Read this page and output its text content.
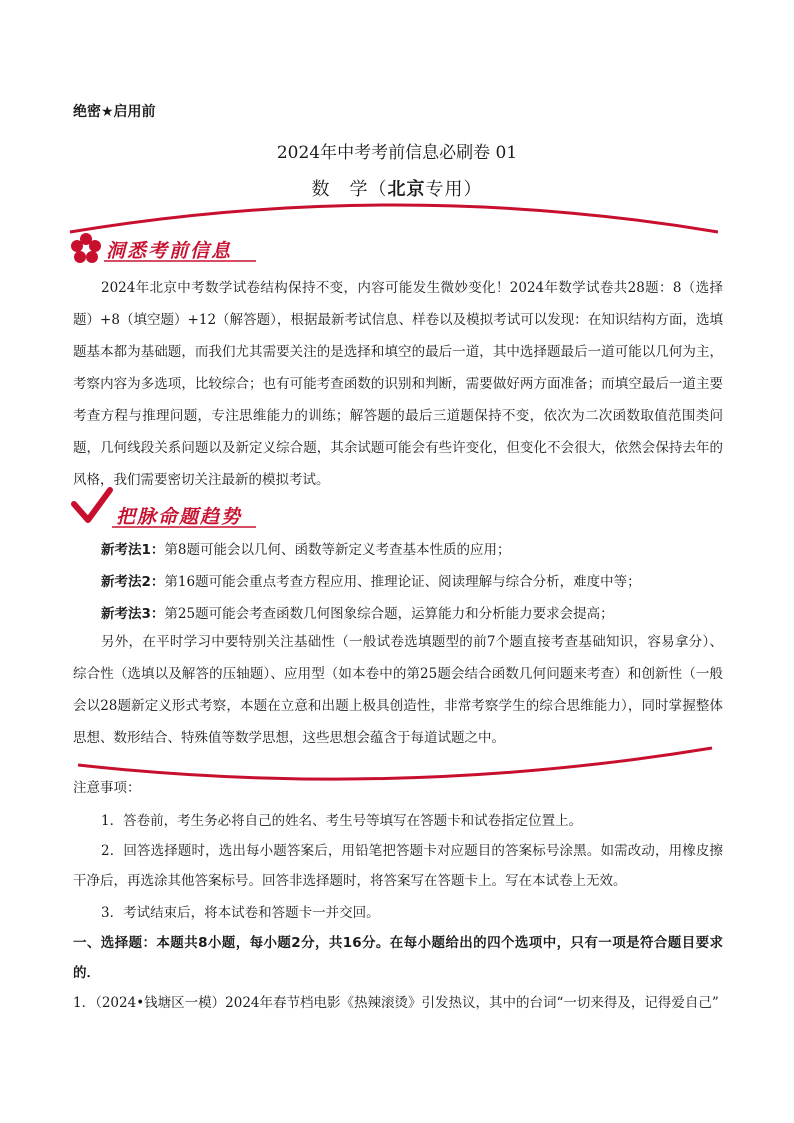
绝密★启用前
2024年中考考前信息必刷卷 01
数　学（北京专用）
洞悉考前信息
2024年北京中考数学试卷结构保持不变，内容可能发生微妙变化！2024年数学试卷共28题：8（选择题）+8（填空题）+12（解答题），根据最新考试信息、样卷以及模拟考试可以发现：在知识结构方面，选填题基本都为基础题，而我们尤其需要关注的是选择和填空的最后一道，其中选择题最后一道可能以几何为主，考察内容为多选项，比较综合；也有可能考查函数的识别和判断，需要做好两方面准备；而填空最后一道主要考查方程与推理问题，专注思维能力的训练；解答题的最后三道题保持不变，依次为二次函数取值范围类问题，几何线段关系问题以及新定义综合题，其余试题可能会有些许变化，但变化不会很大，依然会保持去年的风格，我们需要密切关注最新的模拟考试。
把脉命题趋势
新考法1：第8题可能会以几何、函数等新定义考查基本性质的应用；
新考法2：第16题可能会重点考查方程应用、推理论证、阅读理解与综合分析，难度中等；
新考法3：第25题可能会考查函数几何图象综合题，运算能力和分析能力要求会提高；
另外，在平时学习中要特别关注基础性（一般试卷选填题型的前7个题直接考查基础知识，容易拿分）、综合性（选填以及解答的压轴题）、应用型（如本卷中的第25题会结合函数几何问题来考查）和创新性（一般会以28题新定义形式考察，本题在立意和出题上极具创造性，非常考察学生的综合思维能力），同时掌握整体思想、数形结合、特殊值等数学思想，这些思想会蕴含于每道试题之中。
注意事项：
1．答卷前，考生务必将自己的姓名、考生号等填写在答题卡和试卷指定位置上。
2．回答选择题时，选出每小题答案后，用铅笔把答题卡对应题目的答案标号涂黑。如需改动，用橡皮擦干净后，再选涂其他答案标号。回答非选择题时，将答案写在答题卡上。写在本试卷上无效。
3．考试结束后，将本试卷和答题卡一并交回。
一、选择题：本题共8小题，每小题2分，共16分。在每小题给出的四个选项中，只有一项是符合题目要求的．
1．（2024•钱塘区一模）2024年春节档电影《热辣滚烫》引发热议，其中的台词“一切来得及，记得爱自己”
